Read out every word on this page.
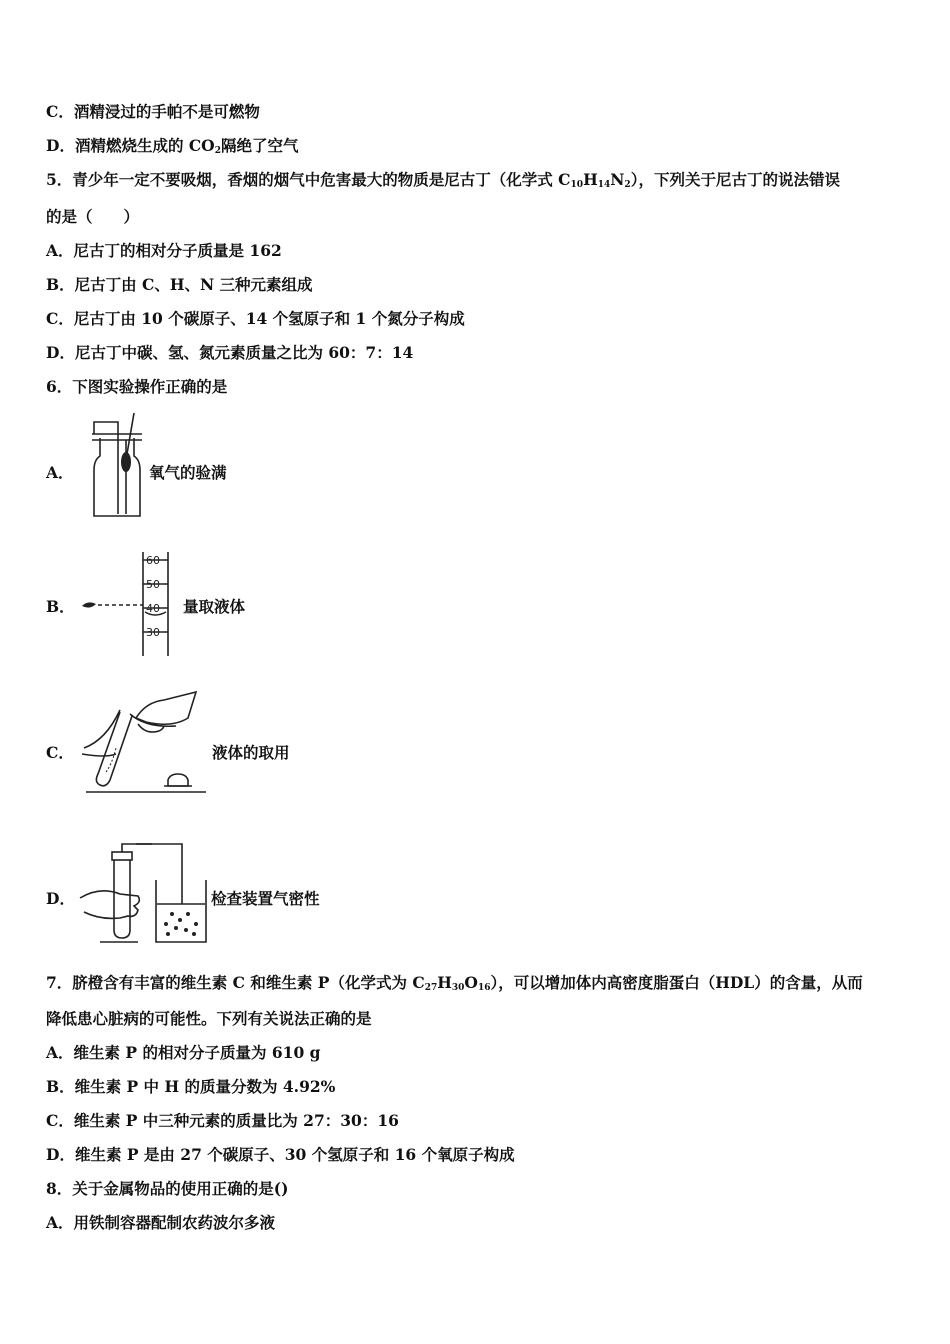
C．酒精浸过的手帕不是可燃物
D．酒精燃烧生成的 $CO_2$隔绝了空气
5．青少年一定不要吸烟，香烟的烟气中危害最大的物质是尼古丁（化学式 $C_{10}H_{14}N_2$），下列关于尼古丁的说法错误
的是（　　）
A．尼古丁的相对分子质量是 162
B．尼古丁由 C、H、N 三种元素组成
C．尼古丁由 10 个碳原子、14 个氢原子和 1 个氮分子构成
D．尼古丁中碳、氢、氮元素质量之比为 60：7：14
6．下图实验操作正确的是
A．	氧气的验满
B．
60
50
40
30
量取液体
C．	液体的取用
D．	检查装置气密性
7．脐橙含有丰富的维生素 C 和维生素 P（化学式为 $C_{27}H_{30}O_{16}$），可以增加体内高密度脂蛋白（HDL）的含量，从而
降低患心脏病的可能性。下列有关说法正确的是
A．维生素 P 的相对分子质量为 610 g
B．维生素 P 中 H 的质量分数为 4.92%
C．维生素 P 中三种元素的质量比为 27：30：16
D．维生素 P 是由 27 个碳原子、30 个氢原子和 16 个氧原子构成
8．关于金属物品的使用正确的是()
A．用铁制容器配制农药波尔多液
